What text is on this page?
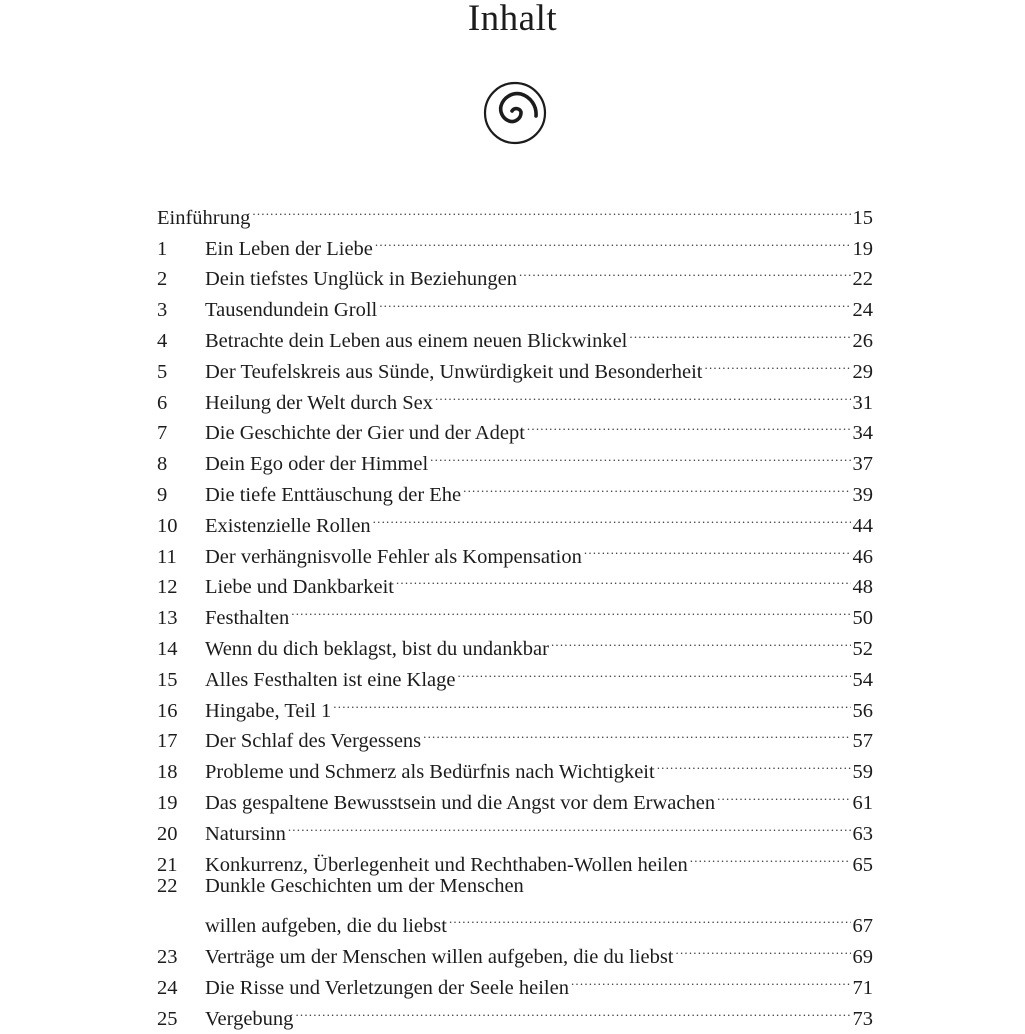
Inhalt
Einführung .....	15
1	Ein Leben der Liebe .....	19
2	Dein tiefstes Unglück in Beziehungen .....	22
3	Tausendundein Groll .....	24
4	Betrachte dein Leben aus einem neuen Blickwinkel .....	26
5	Der Teufelskreis aus Sünde, Unwürdigkeit und Besonderheit .....	29
6	Heilung der Welt durch Sex .....	31
7	Die Geschichte der Gier und der Adept .....	34
8	Dein Ego oder der Himmel .....	37
9	Die tiefe Enttäuschung der Ehe .....	39
10	Existenzielle Rollen .....	44
11	Der verhängnisvolle Fehler als Kompensation .....	46
12	Liebe und Dankbarkeit .....	48
13	Festhalten .....	50
14	Wenn du dich beklagst, bist du undankbar .....	52
15	Alles Festhalten ist eine Klage .....	54
16	Hingabe, Teil 1 .....	56
17	Der Schlaf des Vergessens .....	57
18	Probleme und Schmerz als Bedürfnis nach Wichtigkeit .....	59
19	Das gespaltene Bewusstsein und die Angst vor dem Erwachen .....	61
20	Natursinn .....	63
21	Konkurrenz, Überlegenheit und Rechthaben-Wollen heilen .....	65
22	Dunkle Geschichten um der Menschen
willen aufgeben, die du liebst .....	67
23	Verträge um der Menschen willen aufgeben, die du liebst .....	69
24	Die Risse und Verletzungen der Seele heilen .....	71
25	Vergebung .....	73
